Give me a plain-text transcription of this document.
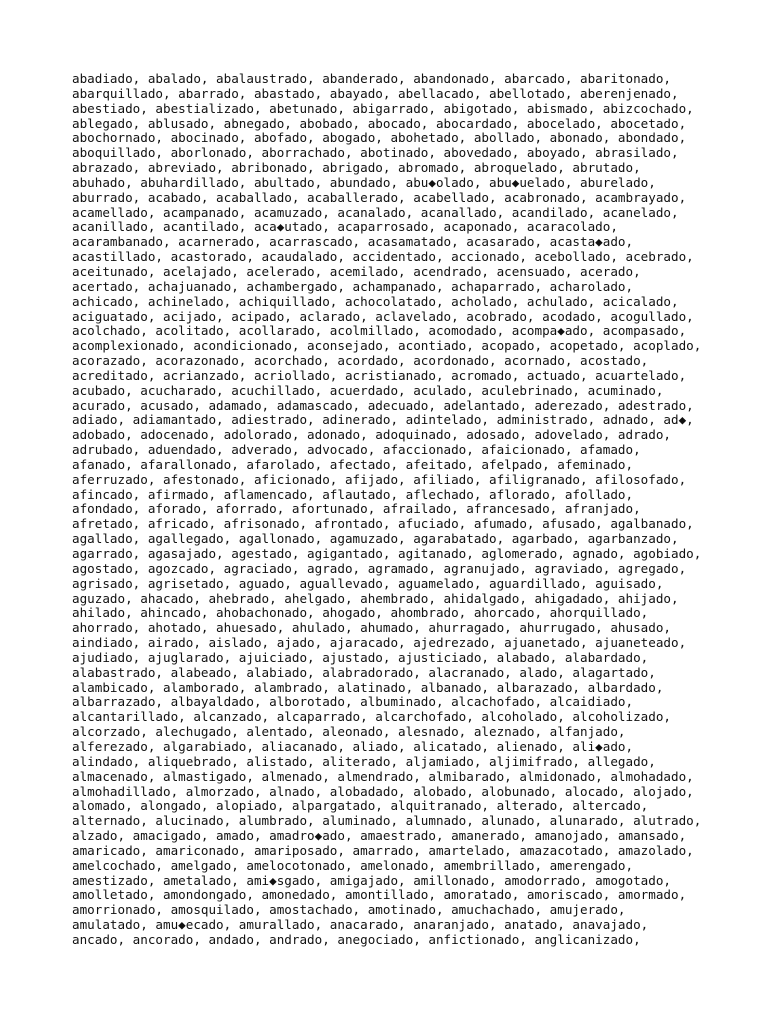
abadiado, abalado, abalaustrado, abanderado, abandonado, abarcado, abaritonado,
abarquillado, abarrado, abastado, abayado, abellacado, abellotado, aberenjenado,
abestiado, abestializado, abetunado, abigarrado, abigotado, abismado, abizcochado,
ablegado, ablusado, abnegado, abobado, abocado, abocardado, abocelado, abocetado,
abochornado, abocinado, abofado, abogado, abohetado, abollado, abonado, abondado,
aboquillado, aborlonado, aborrachado, abotinado, abovedado, aboyado, abrasilado,
abrazado, abreviado, abribonado, abrigado, abromado, abroquelado, abrutado,
abuhado, abuhardillado, abultado, abundado, abu◆olado, abu◆uelado, aburelado,
aburrado, acabado, acaballado, acaballerado, acabellado, acabronado, acambrayado,
acamellado, acampanado, acamuzado, acanalado, acanallado, acandilado, acanelado,
acanillado, acantilado, aca◆utado, acaparrosado, acaponado, acaracolado,
acarambanado, acarnerado, acarrascado, acasamatado, acasarado, acasta◆ado,
acastillado, acastorado, acaudalado, accidentado, accionado, acebollado, acebrado,
aceitunado, acelajado, acelerado, acemilado, acendrado, acensuado, acerado,
acertado, achajuanado, achambergado, achampanado, achaparrado, acharolado,
achicado, achinelado, achiquillado, achocolatado, acholado, achulado, acicalado,
aciguatado, acijado, acipado, aclarado, aclavelado, acobrado, acodado, acogullado,
acolchado, acolitado, acollarado, acolmillado, acomodado, acompa◆ado, acompasado,
acomplexionado, acondicionado, aconsejado, acontiado, acopado, acopetado, acoplado,
acorazado, acorazonado, acorchado, acordado, acordonado, acornado, acostado,
acreditado, acrianzado, acriollado, acristianado, acromado, actuado, acuartelado,
acubado, acucharado, acuchillado, acuerdado, aculado, aculebrinado, acuminado,
acurado, acusado, adamado, adamascado, adecuado, adelantado, aderezado, adestrado,
adiado, adiamantado, adiestrado, adinerado, adintelado, administrado, adnado, ad◆,
adobado, adocenado, adolorado, adonado, adoquinado, adosado, adovelado, adrado,
adrubado, aduendado, adverado, advocado, afaccionado, afaicionado, afamado,
afanado, afarallonado, afarolado, afectado, afeitado, afelpado, afeminado,
aferruzado, afestonado, aficionado, afijado, afiliado, afiligranado, afilosofado,
afincado, afirmado, aflamencado, aflautado, aflechado, aflorado, afollado,
afondado, aforado, aforrado, afortunado, afrailado, afrancesado, afranjado,
afretado, africado, afrisonado, afrontado, afuciado, afumado, afusado, agalbanado,
agallado, agallegado, agallonado, agamuzado, agarabatado, agarbado, agarbanzado,
agarrado, agasajado, agestado, agigantado, agitanado, aglomerado, agnado, agobiado,
agostado, agozcado, agraciado, agrado, agramado, agranujado, agraviado, agregado,
agrisado, agrisetado, aguado, aguallevado, aguamelado, aguardillado, aguisado,
aguzado, ahacado, ahebrado, ahelgado, ahembrado, ahidalgado, ahigadado, ahijado,
ahilado, ahincado, ahobachonado, ahogado, ahombrado, ahorcado, ahorquillado,
ahorrado, ahotado, ahuesado, ahulado, ahumado, ahurragado, ahurrugado, ahusado,
aindiado, airado, aislado, ajado, ajaracado, ajedrezado, ajuanetado, ajuaneteado,
ajudiado, ajuglarado, ajuiciado, ajustado, ajusticiado, alabado, alabardado,
alabastrado, alabeado, alabiado, alabradorado, alacranado, alado, alagartado,
alambicado, alamborado, alambrado, alatinado, albanado, albarazado, albardado,
albarrazado, albayaldado, alborotado, albuminado, alcachofado, alcaidiado,
alcantarillado, alcanzado, alcaparrado, alcarchofado, alcoholado, alcoholizado,
alcorzado, alechugado, alentado, aleonado, alesnado, aleznado, alfanjado,
alferezado, algarabiado, aliacanado, aliado, alicatado, alienado, ali◆ado,
alindado, aliquebrado, alistado, aliterado, aljamiado, aljimifrado, allegado,
almacenado, almastigado, almenado, almendrado, almibarado, almidonado, almohadado,
almohadillado, almorzado, alnado, alobadado, alobado, alobunado, alocado, alojado,
alomado, alongado, alopiado, alpargatado, alquitranado, alterado, altercado,
alternado, alucinado, alumbrado, aluminado, alumnado, alunado, alunarado, alutrado,
alzado, amacigado, amado, amadro◆ado, amaestrado, amanerado, amanojado, amansado,
amaricado, amariconado, amariposado, amarrado, amartelado, amazacotado, amazolado,
amelcochado, amelgado, amelocotonado, amelonado, amembrillado, amerengado,
amestizado, ametalado, ami◆sgado, amigajado, amillonado, amodorrado, amogotado,
amolletado, amondongado, amonedado, amontillado, amoratado, amoriscado, amormado,
amorrionado, amosquilado, amostachado, amotinado, amuchachado, amujerado,
amulatado, amu◆ecado, amurallado, anacarado, anaranjado, anatado, anavajado,
ancado, ancorado, andado, andrado, anegociado, anfictionado, anglicanizado,
